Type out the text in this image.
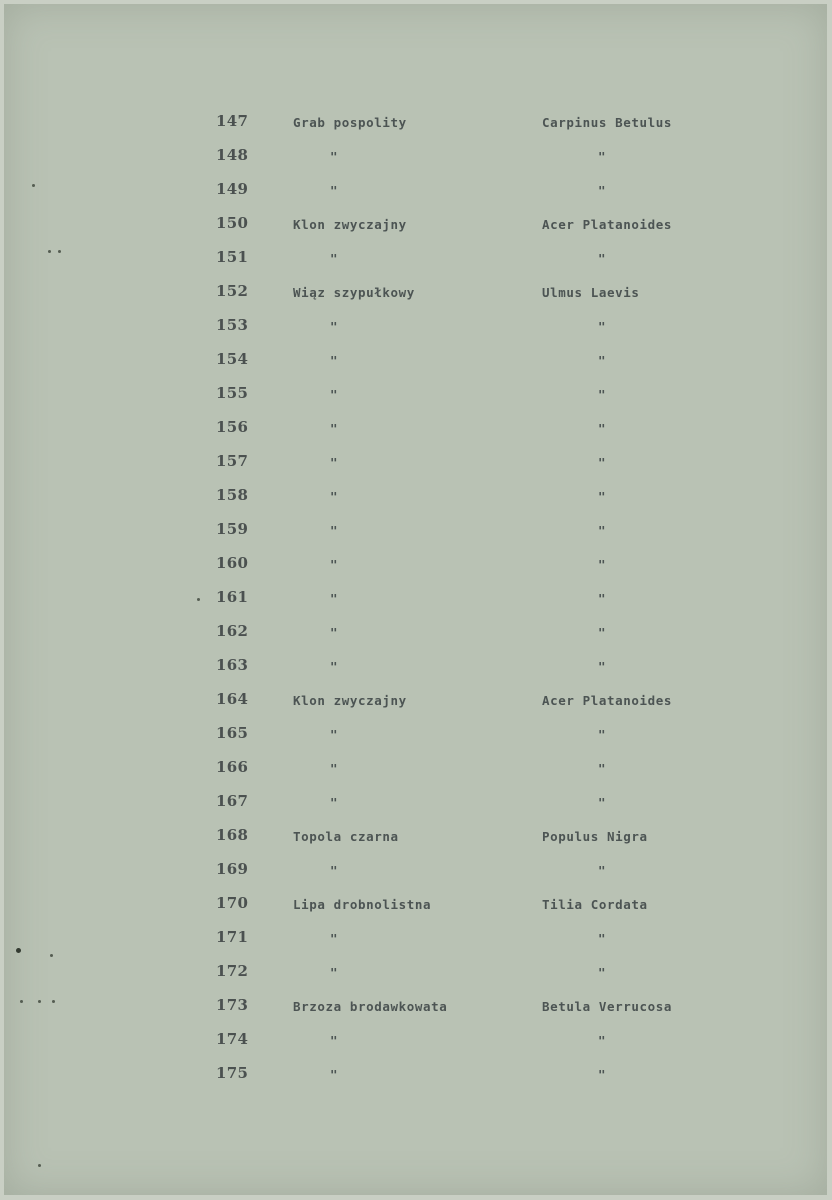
147	Grab pospolity	Carpinus Betulus
148	"	"
149	"	"
150	Klon zwyczajny	Acer Platanoides
151	"	"
152	Wiąz szypułkowy	Ulmus Laevis
153	"	"
154	"	"
155	"	"
156	"	"
157	"	"
158	"	"
159	"	"
160	"	"
161	"	"
162	"	"
163	"	"
164	Klon zwyczajny	Acer Platanoides
165	"	"
166	"	"
167	"	"
168	Topola czarna	Populus Nigra
169	"	"
170	Lipa drobnolistna	Tilia Cordata
171	"	"
172	"	"
173	Brzoza brodawkowata	Betula Verrucosa
174	"	"
175	"	"
